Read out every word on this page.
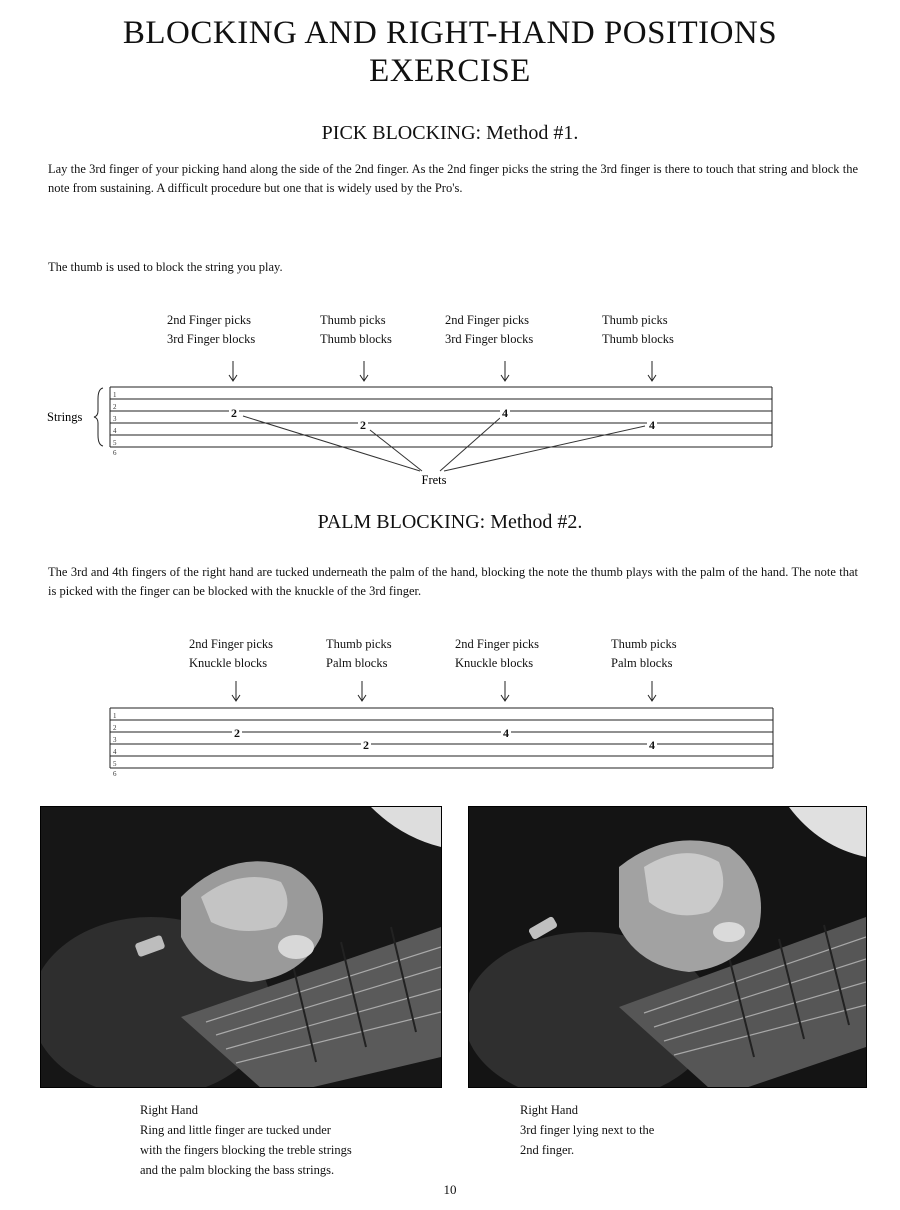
BLOCKING AND RIGHT-HAND POSITIONS
EXERCISE
PICK BLOCKING: Method #1.
Lay the 3rd finger of your picking hand along the side of the 2nd finger. As the 2nd finger picks the string the 3rd finger is there to touch that string and block the note from sustaining. A difficult procedure but one that is widely used by the Pro's.
The thumb is used to block the string you play.
2nd Finger picks
3rd Finger blocks
Thumb picks
Thumb blocks
2nd Finger picks
3rd Finger blocks
Thumb picks
Thumb blocks
Strings
1
2
3
4
5
6
2
2
4
4
Frets
PALM BLOCKING: Method #2.
The 3rd and 4th fingers of the right hand are tucked underneath the palm of the hand, blocking the note the thumb plays with the palm of the hand. The note that is picked with the finger can be blocked with the knuckle of the 3rd finger.
2nd Finger picks
Knuckle blocks
Thumb picks
Palm blocks
2nd Finger picks
Knuckle blocks
Thumb picks
Palm blocks
1
2
3
4
5
6
2
2
4
4
Right Hand
Ring and little finger are tucked under
with the fingers blocking the treble strings
and the palm blocking the bass strings.
Right Hand
3rd finger lying next to the
2nd finger.
10
